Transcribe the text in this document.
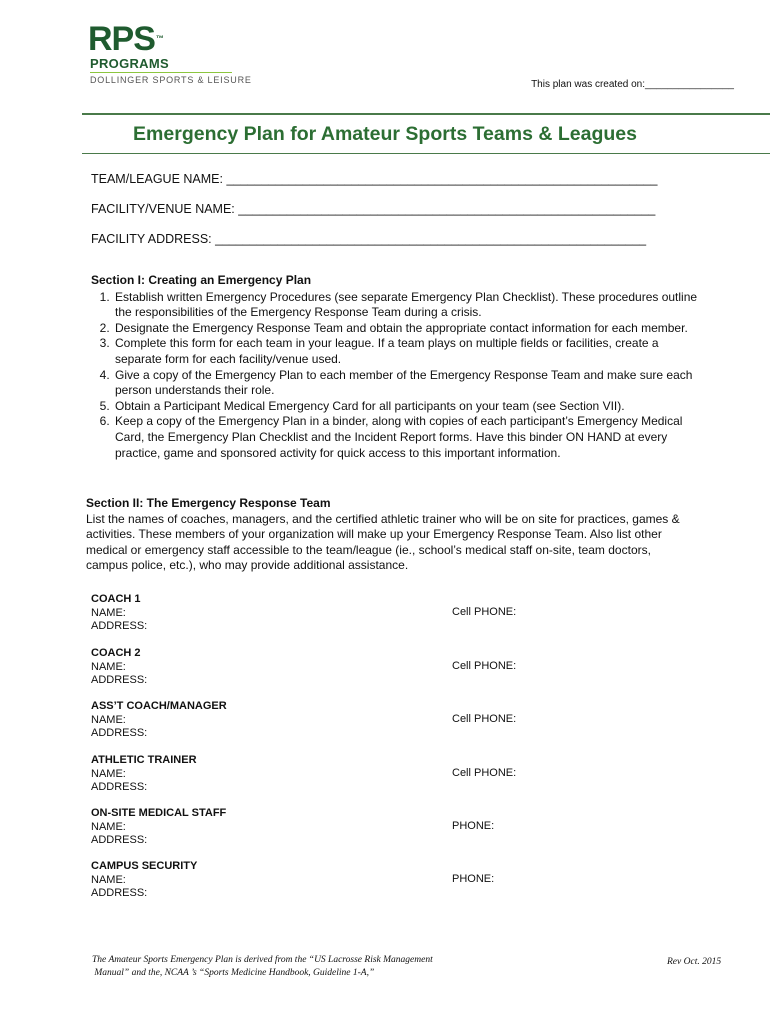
RPS™
PROGRAMS
DOLLINGER SPORTS & LEISURE	This plan was created on:________________
Emergency Plan for Amateur Sports Teams & Leagues
TEAM/LEAGUE NAME: ______________________________________________________________
FACILITY/VENUE NAME: ____________________________________________________________
FACILITY ADDRESS: ______________________________________________________________
Section I: Creating an Emergency Plan
1. Establish written Emergency Procedures (see separate Emergency Plan Checklist). These procedures outline the responsibilities of the Emergency Response Team during a crisis.
2. Designate the Emergency Response Team and obtain the appropriate contact information for each member.
3. Complete this form for each team in your league. If a team plays on multiple fields or facilities, create a separate form for each facility/venue used.
4. Give a copy of the Emergency Plan to each member of the Emergency Response Team and make sure each person understands their role.
5. Obtain a Participant Medical Emergency Card for all participants on your team (see Section VII).
6. Keep a copy of the Emergency Plan in a binder, along with copies of each participant’s Emergency Medical Card, the Emergency Plan Checklist and the Incident Report forms. Have this binder ON HAND at every practice, game and sponsored activity for quick access to this important information.
Section II: The Emergency Response Team
List the names of coaches, managers, and the certified athletic trainer who will be on site for practices, games & activities. These members of your organization will make up your Emergency Response Team. Also list other medical or emergency staff accessible to the team/league (ie., school’s medical staff on-site, team doctors, campus police, etc.), who may provide additional assistance.
COACH 1
NAME:
ADDRESS:
Cell PHONE:
COACH 2
NAME:
ADDRESS:
Cell PHONE:
ASS’T COACH/MANAGER
NAME:
ADDRESS:
Cell PHONE:
ATHLETIC TRAINER
NAME:
ADDRESS:
Cell PHONE:
ON-SITE MEDICAL STAFF
NAME:
ADDRESS:
PHONE:
CAMPUS SECURITY
NAME:
ADDRESS:
PHONE:
The Amateur Sports Emergency Plan is derived from the “US Lacrosse Risk Management
Manual” and the, NCAA ’s “Sports Medicine Handbook, Guideline 1-A,”
Rev Oct. 2015
